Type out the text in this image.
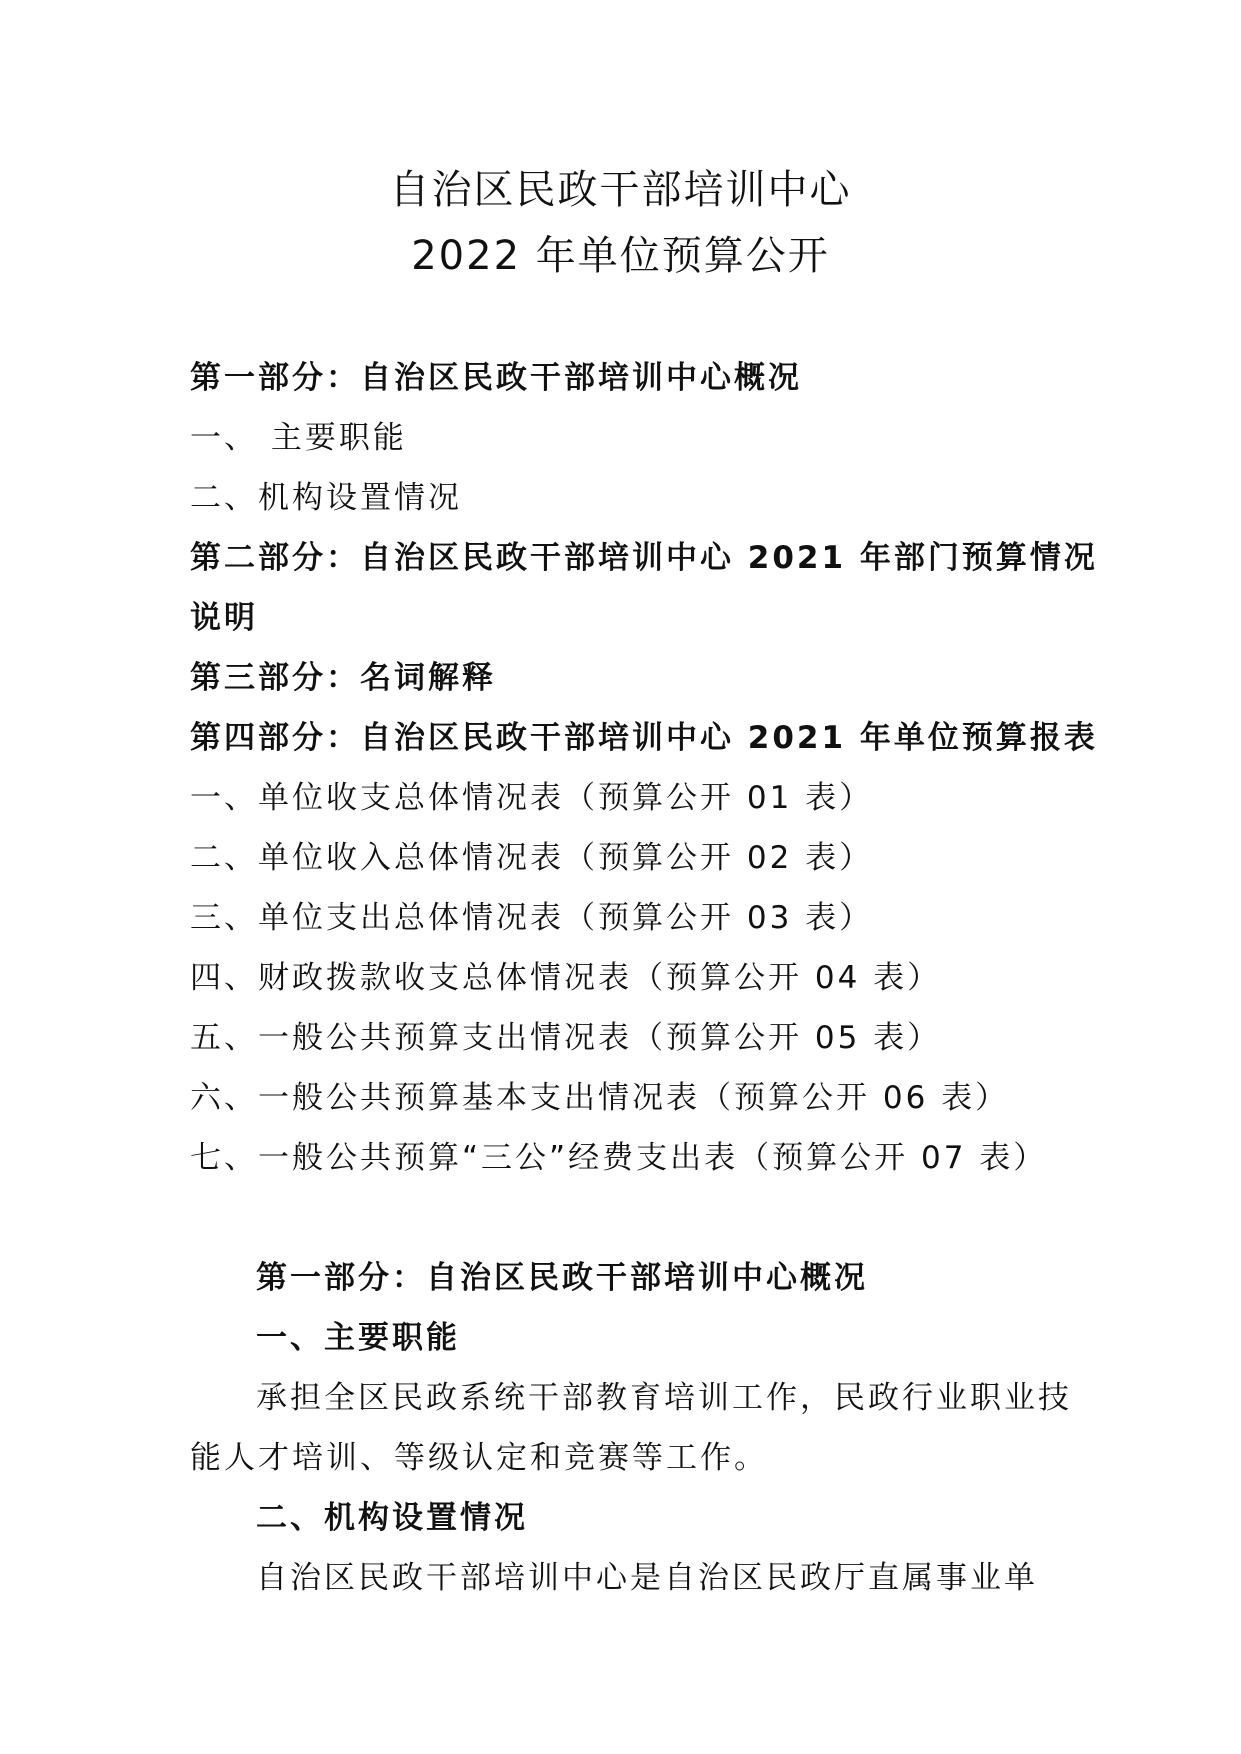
自治区民政干部培训中心
2022 年单位预算公开
第一部分：自治区民政干部培训中心概况
一、 主要职能
二、机构设置情况
第二部分：自治区民政干部培训中心 2021 年部门预算情况
说明
第三部分：名词解释
第四部分：自治区民政干部培训中心 2021 年单位预算报表
一、单位收支总体情况表（预算公开 01 表）
二、单位收入总体情况表（预算公开 02 表）
三、单位支出总体情况表（预算公开 03 表）
四、财政拨款收支总体情况表（预算公开 04 表）
五、一般公共预算支出情况表（预算公开 05 表）
六、一般公共预算基本支出情况表（预算公开 06 表）
七、一般公共预算“三公”经费支出表（预算公开 07 表）
第一部分：自治区民政干部培训中心概况
一、主要职能
承担全区民政系统干部教育培训工作，民政行业职业技
能人才培训、等级认定和竞赛等工作。
二、机构设置情况
自治区民政干部培训中心是自治区民政厅直属事业单
